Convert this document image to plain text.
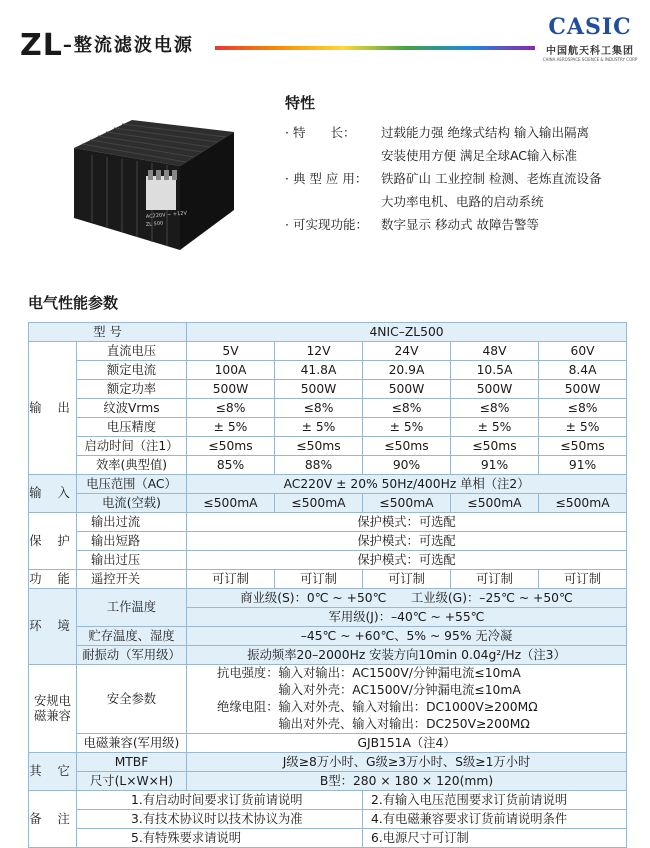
$ZL^{-整流滤波电源}$
CASIC
中国航天科工集团
CHINA AEROSPACE SCIENCE & INDUSTRY CORP
AC220V ~ +12V
ZL 500
特性
· 特　　长：	过载能力强 绝缘式结构 输入输出隔离
安装使用方便 满足全球AC输入标准
· 典 型 应 用：	铁路矿山 工业控制 检测、老炼直流设备
大功率电机、电路的启动系统
· 可实现功能：	数字显示 移动式 故障告警等
电气性能参数
型 号		4NIC–ZL500				
输 出	直流电压	5V	12V	24V	48V	60V
	额定电流	100A	41.8A	20.9A	10.5A	8.4A
	额定功率	500W	500W	500W	500W	500W
	纹波Vrms	≤8%	≤8%	≤8%	≤8%	≤8%
	电压精度	± 5%	± 5%	± 5%	± 5%	± 5%
	启动时间（注1）	≤50ms	≤50ms	≤50ms	≤50ms	≤50ms
	效率(典型值)	85%	88%	90%	91%	91%
输 入	电压范围（AC）	AC220V ± 20% 50Hz/400Hz 单相（注2）				
	电流(空载)	≤500mA	≤500mA	≤500mA	≤500mA	≤500mA
保 护	输出过流	保护模式：可选配				
	输出短路	保护模式：可选配				
	输出过压	保护模式：可选配				
功 能	遥控开关	可订制	可订制	可订制	可订制	可订制
环 境	工作温度	商业级(S)：0℃ ~ +50℃　　工业级(G)：–25℃ ~ +50℃				
		军用级(J)：–40℃ ~ +55℃				
	贮存温度、湿度	–45℃ ~ +60℃、5% ~ 95% 无冷凝				
	耐振动（军用级）	振动频率20–2000Hz 安装方向10min 0.04g²/Hz（注3）				
安规电磁兼容	安全参数	抗电强度：输入对输出：AC1500V/分钟漏电流≤10mA
　　　　　输入对外壳：AC1500V/分钟漏电流≤10mA
绝缘电阻：输入对外壳、输入对输出：DC1000V≥200MΩ
　　　　　输出对外壳、输入对输出：DC250V≥200MΩ				

	电磁兼容(军用级)	GJB151A（注4）				
其 它	MTBF	J级≥8万小时、G级≥3万小时、S级≥1万小时				
	尺寸(L×W×H)	B型：280 × 180 × 120(mm)				
备 注	1.有启动时间要求订货前请说明			2.有输入电压范围要求订货前请说明		
	3.有技术协议时以技术协议为准			4.有电磁兼容要求订货前请说明条件		
	5.有特殊要求请说明			6.电源尺寸可订制		
